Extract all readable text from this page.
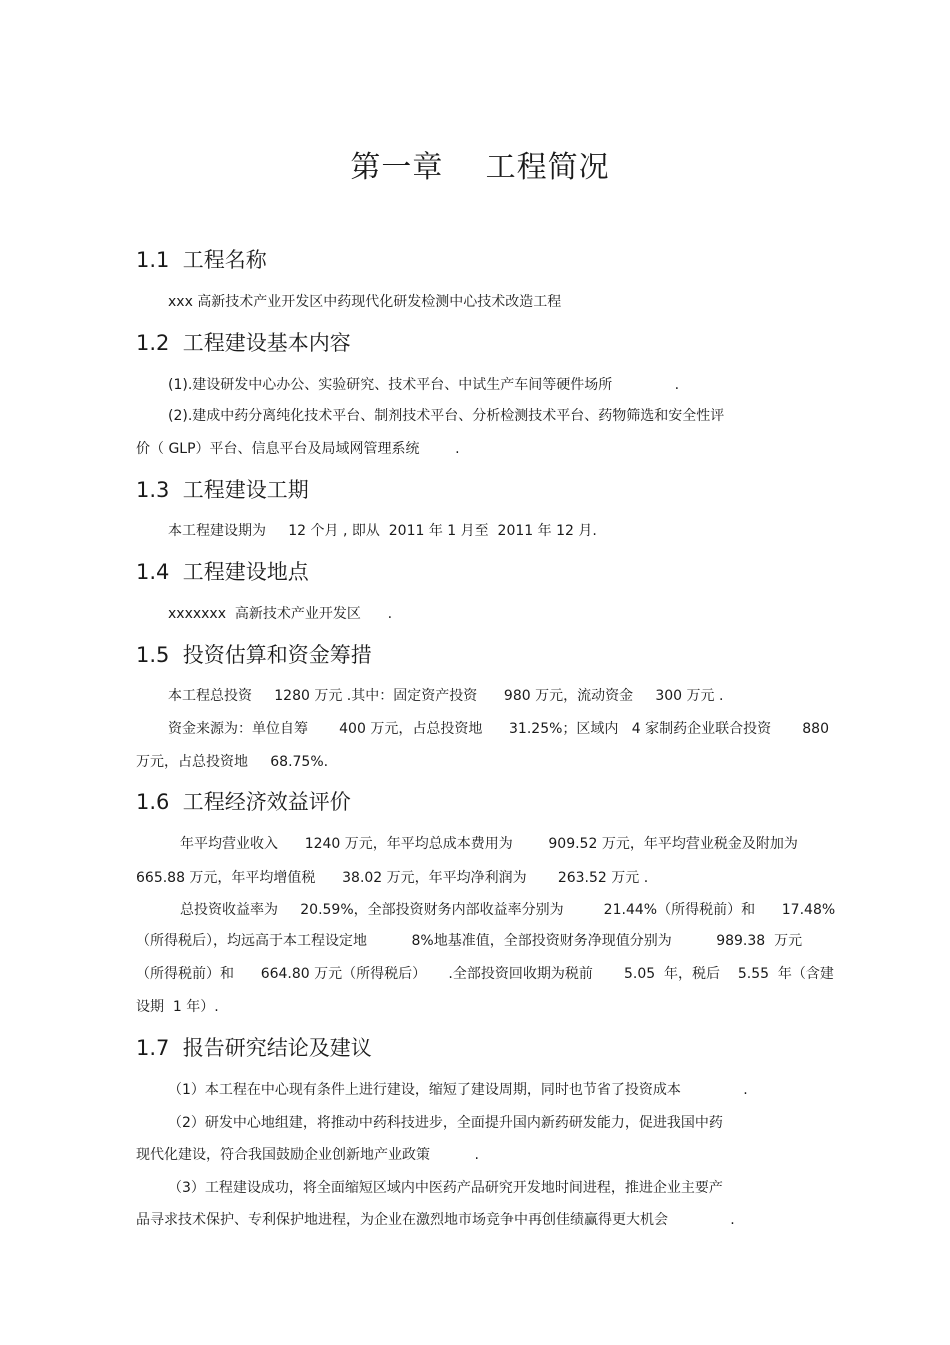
第一章    工程简况
1.1  工程名称
xxx 高新技术产业开发区中药现代化研发检测中心技术改造工程
1.2  工程建设基本内容
(1).建设研发中心办公、实验研究、技术平台、中试生产车间等硬件场所              .
(2).建成中药分离纯化技术平台、制剂技术平台、分析检测技术平台、药物筛选和安全性评
价（ GLP）平台、信息平台及局域网管理系统        .
1.3  工程建设工期
本工程建设期为     12 个月 , 即从  2011 年 1 月至  2011 年 12 月.
1.4  工程建设地点
xxxxxxx  高新技术产业开发区      .
1.5  投资估算和资金筹措
本工程总投资     1280 万元 .其中：固定资产投资      980 万元，流动资金     300 万元 .
资金来源为：单位自筹       400 万元，占总投资地      31.25%；区域内   4 家制药企业联合投资       880
万元，占总投资地     68.75%.
1.6  工程经济效益评价
年平均营业收入      1240 万元，年平均总成本费用为        909.52 万元，年平均营业税金及附加为
665.88 万元，年平均增值税      38.02 万元，年平均净利润为       263.52 万元 .
总投资收益率为     20.59%，全部投资财务内部收益率分别为         21.44%（所得税前）和      17.48%
（所得税后），均远高于本工程设定地          8%地基准值，全部投资财务净现值分别为          989.38  万元
（所得税前）和      664.80 万元（所得税后）     .全部投资回收期为税前       5.05  年，税后    5.55  年（含建
设期  1 年）.
1.7  报告研究结论及建议
（1）本工程在中心现有条件上进行建设，缩短了建设周期，同时也节省了投资成本              .
（2）研发中心地组建，将推动中药科技进步，全面提升国内新药研发能力，促进我国中药
现代化建设，符合我国鼓励企业创新地产业政策          .
（3）工程建设成功，将全面缩短区域内中医药产品研究开发地时间进程，推进企业主要产
品寻求技术保护、专利保护地进程，为企业在激烈地市场竞争中再创佳绩赢得更大机会              .
